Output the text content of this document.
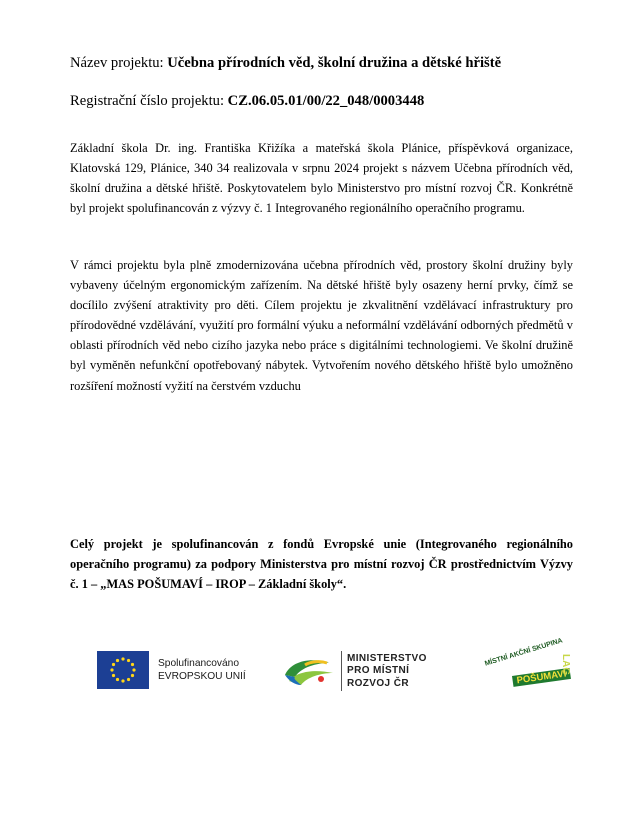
Název projektu: Učebna přírodních věd, školní družina a dětské hřiště
Registrační číslo projektu: CZ.06.05.01/00/22_048/0003448

Základní škola Dr. ing. Františka Křižíka a mateřská škola Plánice, příspěvková organizace, Klatovská 129, Plánice, 340 34 realizovala v srpnu 2024 projekt s názvem Učebna přírodních věd, školní družina a dětské hřiště. Poskytovatelem bylo Ministerstvo pro místní rozvoj ČR. Konkrétně byl projekt spolufinancován z výzvy č. 1 Integrovaného regionálního operačního programu.

V rámci projektu byla plně zmodernizována učebna přírodních věd, prostory školní družiny byly vybaveny účelným ergonomickým zařízením. Na dětské hřiště byly osazeny herní prvky, čímž se docílilo zvýšení atraktivity pro děti. Cílem projektu je zkvalitnění vzdělávací infrastruktury pro přírodovědné vzdělávání, využití pro formální výuku a neformální vzdělávání odborných předmětů v oblasti přírodních věd nebo cizího jazyka nebo práce s digitálními technologiemi. Ve školní družině byl vyměněn nefunkční opotřebovaný nábytek. Vytvořením nového dětského hřiště bylo umožněno rozšíření možností vyžití na čerstvém vzduchu

Celý projekt je spolufinancován z fondů Evropské unie (Integrovaného regionálního operačního programu) za podpory Ministerstva pro místní rozvoj ČR prostřednictvím Výzvy č. 1 – „MAS POŠUMAVÍ – IROP – Základní školy“.
Spolufinancováno
EVROPSKOU UNIÍ
MINISTERSTVO
PRO MÍSTNÍ
ROZVOJ ČR
MÍSTNÍ AKČNÍ SKUPINA
POŠUMAVÍ
LAG
